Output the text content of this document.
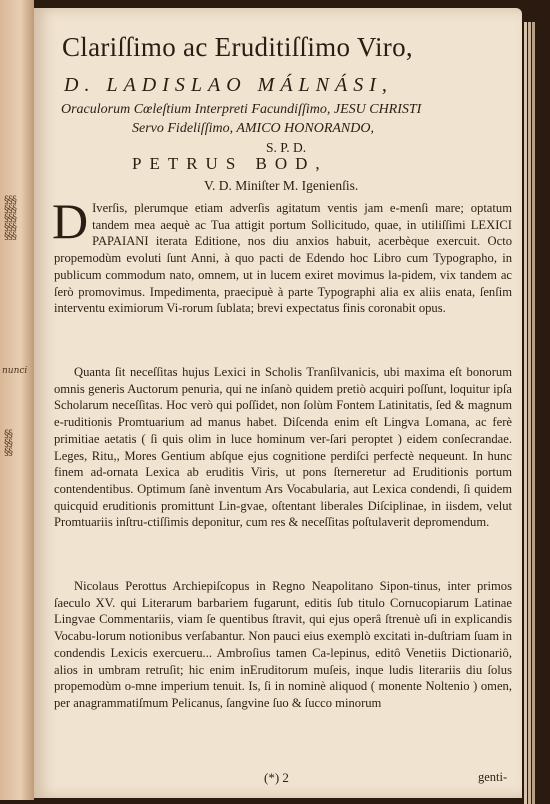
§§§
§§§
§§§
§§§
§§§
nunci
§§
§§
§§
Clariſſimo ac Eruditiſſimo Viro,
D. LADISLAO MÁLNÁSI,
Oraculorum Cœleſtium Interpreti Facundiſſimo, JESU CHRISTI
Servo Fideliſſimo, AMICO HONORANDO,
S. P. D.
PETRUS BOD,
V. D. Miniſter M. Igenienſis.

D Iverſis, plerumque etiam adverſis agitatum ventis jam e-menſi mare; optatum tandem mea aequè ac Tua attigit portum Sollicitudo, quae, in utiliſſimi LEXICI PAPAIANI iterata Editione, nos diu anxios habuit, acerbèque exercuit. Octo propemodùm evoluti ſunt Anni, à quo pacti de Edendo hoc Libro cum Typographo, in publicum commodum nato, omnem, ut in lucem exiret movimus la-pidem, vix tandem ac ſerò promovimus. Impedimenta, praecipuè à parte Typographi alia ex aliis enata, ſenſim interventu eximiorum Vi-rorum ſublata; brevi expectatus finis coronabit opus.

Quanta ſit neceſſitas hujus Lexici in Scholis Tranſilvanicis, ubi maxima eſt bonorum omnis generis Auctorum penuria, qui ne inſanò quidem pretiò acquiri poſſunt, loquitur ipſa Scholarum neceſſitas. Hoc verò qui poſſidet, non ſolùm Fontem Latinitatis, ſed & magnum e-ruditionis Promtuarium ad manus habet. Diſcenda enim eſt Lingva Lomana, ac ferè primitiae aetatis ( ſi quis olim in luce hominum ver-ſari peroptet ) eidem conſecrandae. Leges, Ritu,, Mores Gentium abſque ejus cognitione perdiſci perfectè nequeunt. In hunc finem ad-ornata Lexica ab eruditis Viris, ut pons ſterneretur ad Eruditionis portum contendentibus. Optimum ſanè inventum Ars Vocabularia, aut Lexica condendi, ſi quidem quicquid eruditionis promittunt Lin-gvae, oſtentant liberales Diſciplinae, in iisdem, velut Promtuariis inſtru-ctiſſimis deponitur, cum res & neceſſitas poſtulaverit depromendum.

Nicolaus Perottus Archiepiſcopus in Regno Neapolitano Sipon-tinus, inter primos ſaeculo XV. qui Literarum barbariem fugarunt, editis ſub titulo Cornucopiarum Latinae Lingvae Commentariis, viam ſe quentibus ſtravit, qui ejus operâ ſtrenuè uſi in explicandis Vocabu-lorum notionibus verſabantur. Non pauci eius exemplò excitati in-duſtriam ſuam in condendis Lexicis exercueru... Ambroſius tamen Ca-lepinus, editô Venetiis Dictionariô, alios in umbram retruſit; hic enim inEruditorum muſeis, inque ludis literariis diu ſolus propemodùm o-mne imperium tenuit. Is, ſi in nominè aliquod ( monente Noltenio ) omen, per anagrammatiſmum Pelicanus, ſangvine ſuo & ſucco minorum

(*) 2	genti-
